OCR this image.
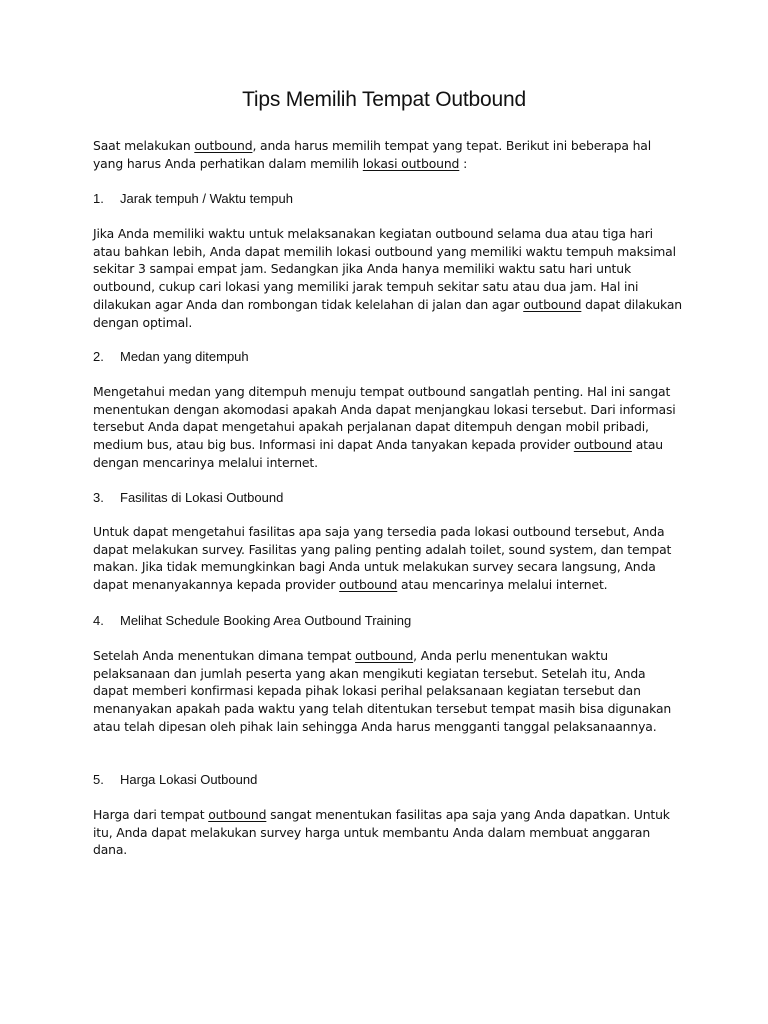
Tips Memilih Tempat Outbound

Saat melakukan outbound, anda harus memilih tempat yang tepat. Berikut ini beberapa hal yang harus Anda perhatikan dalam memilih lokasi outbound :

1. Jarak tempuh / Waktu tempuh

Jika Anda memiliki waktu untuk melaksanakan kegiatan outbound selama dua atau tiga hari atau bahkan lebih, Anda dapat memilih lokasi outbound yang memiliki waktu tempuh maksimal sekitar 3 sampai empat jam. Sedangkan jika Anda hanya memiliki waktu satu hari untuk outbound, cukup cari lokasi yang memiliki jarak tempuh sekitar satu atau dua jam. Hal ini dilakukan agar Anda dan rombongan tidak kelelahan di jalan dan agar outbound dapat dilakukan dengan optimal.

2. Medan yang ditempuh

Mengetahui medan yang ditempuh menuju tempat outbound sangatlah penting. Hal ini sangat menentukan dengan akomodasi apakah Anda dapat menjangkau lokasi tersebut. Dari informasi tersebut Anda dapat mengetahui apakah perjalanan dapat ditempuh dengan mobil pribadi, medium bus, atau big bus. Informasi ini dapat Anda tanyakan kepada provider outbound atau dengan mencarinya melalui internet.

3. Fasilitas di Lokasi Outbound

Untuk dapat mengetahui fasilitas apa saja yang tersedia pada lokasi outbound tersebut, Anda dapat melakukan survey. Fasilitas yang paling penting adalah toilet, sound system, dan tempat makan. Jika tidak memungkinkan bagi Anda untuk melakukan survey secara langsung, Anda dapat menanyakannya kepada provider outbound atau mencarinya melalui internet.

4. Melihat Schedule Booking Area Outbound Training

Setelah Anda menentukan dimana tempat outbound, Anda perlu menentukan waktu pelaksanaan dan jumlah peserta yang akan mengikuti kegiatan tersebut. Setelah itu, Anda dapat memberi konfirmasi kepada pihak lokasi perihal pelaksanaan kegiatan tersebut dan menanyakan apakah pada waktu yang telah ditentukan tersebut tempat masih bisa digunakan atau telah dipesan oleh pihak lain sehingga Anda harus mengganti tanggal pelaksanaannya.

5. Harga Lokasi Outbound

Harga dari tempat outbound sangat menentukan fasilitas apa saja yang Anda dapatkan. Untuk itu, Anda dapat melakukan survey harga untuk membantu Anda dalam membuat anggaran dana.
